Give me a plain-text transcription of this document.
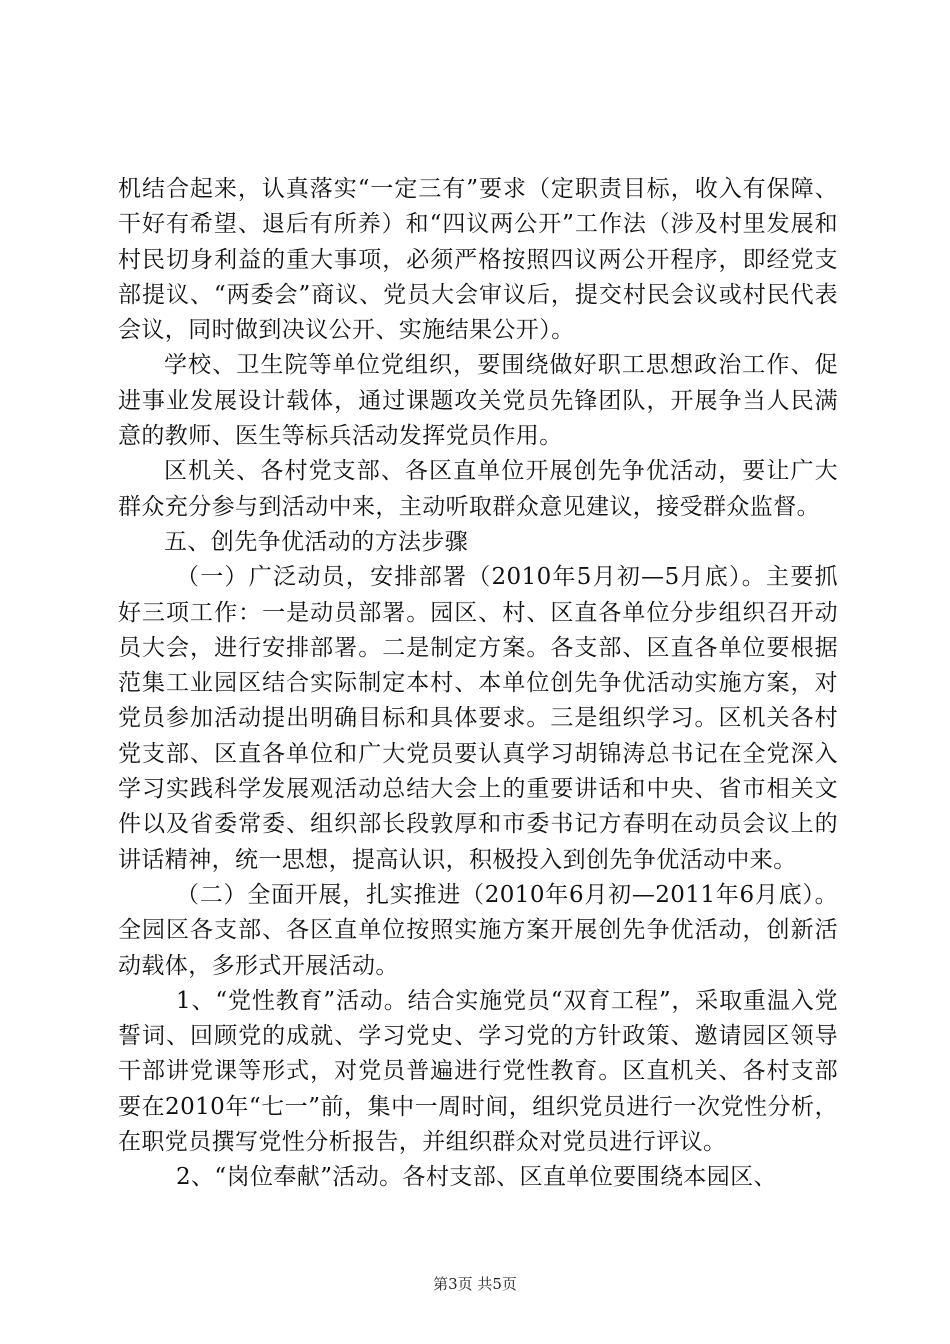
机结合起来，认真落实“一定三有”要求（定职责目标，收入有保障、干好有希望、退后有所养）和“四议两公开”工作法（涉及村里发展和村民切身利益的重大事项，必须严格按照四议两公开程序，即经党支部提议、“两委会”商议、党员大会审议后，提交村民会议或村民代表会议，同时做到决议公开、实施结果公开）。

学校、卫生院等单位党组织，要围绕做好职工思想政治工作、促进事业发展设计载体，通过课题攻关党员先锋团队，开展争当人民满意的教师、医生等标兵活动发挥党员作用。

区机关、各村党支部、各区直单位开展创先争优活动，要让广大群众充分参与到活动中来，主动听取群众意见建议，接受群众监督。

五、创先争优活动的方法步骤

（一）广泛动员，安排部署（2010年5月初—5月底）。主要抓好三项工作：一是动员部署。园区、村、区直各单位分步组织召开动员大会，进行安排部署。二是制定方案。各支部、区直各单位要根据范集工业园区结合实际制定本村、本单位创先争优活动实施方案，对党员参加活动提出明确目标和具体要求。三是组织学习。区机关各村党支部、区直各单位和广大党员要认真学习胡锦涛总书记在全党深入学习实践科学发展观活动总结大会上的重要讲话和中央、省市相关文件以及省委常委、组织部长段敦厚和市委书记方春明在动员会议上的讲话精神，统一思想，提高认识，积极投入到创先争优活动中来。

（二）全面开展，扎实推进（2010年6月初—2011年6月底）。全园区各支部、各区直单位按照实施方案开展创先争优活动，创新活动载体，多形式开展活动。

1、“党性教育”活动。结合实施党员“双育工程”，采取重温入党誓词、回顾党的成就、学习党史、学习党的方针政策、邀请园区领导干部讲党课等形式，对党员普遍进行党性教育。区直机关、各村支部要在2010年“七一”前，集中一周时间，组织党员进行一次党性分析，在职党员撰写党性分析报告，并组织群众对党员进行评议。

2、“岗位奉献”活动。各村支部、区直单位要围绕本园区、

第3页 共5页
